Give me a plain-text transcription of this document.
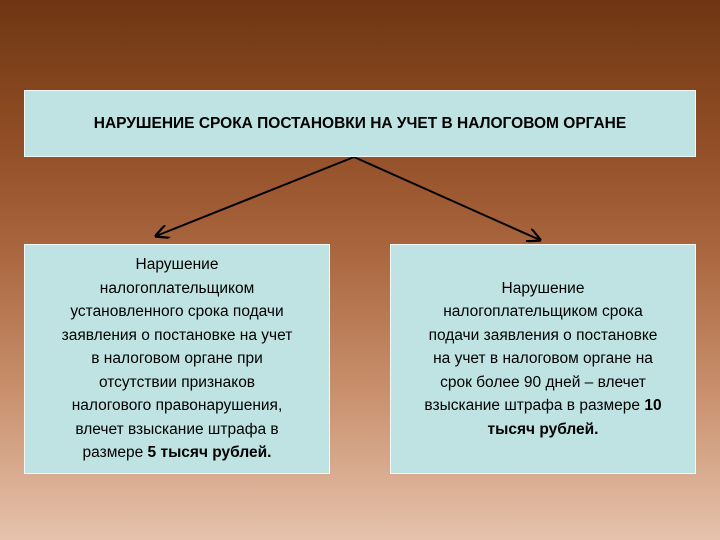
НАРУШЕНИЕ СРОКА ПОСТАНОВКИ НА УЧЕТ В НАЛОГОВОМ ОРГАНЕ
Нарушение
налогоплательщиком
установленного срока подачи
заявления о постановке на учет
в налоговом органе при
отсутствии признаков
налогового правонарушения,
влечет взыскание штрафа в
размере 5 тысяч рублей.
Нарушение
налогоплательщиком срока
подачи заявления о постановке
на учет в налоговом органе на
срок более 90 дней – влечет
взыскание штрафа в размере 10
тысяч рублей.
